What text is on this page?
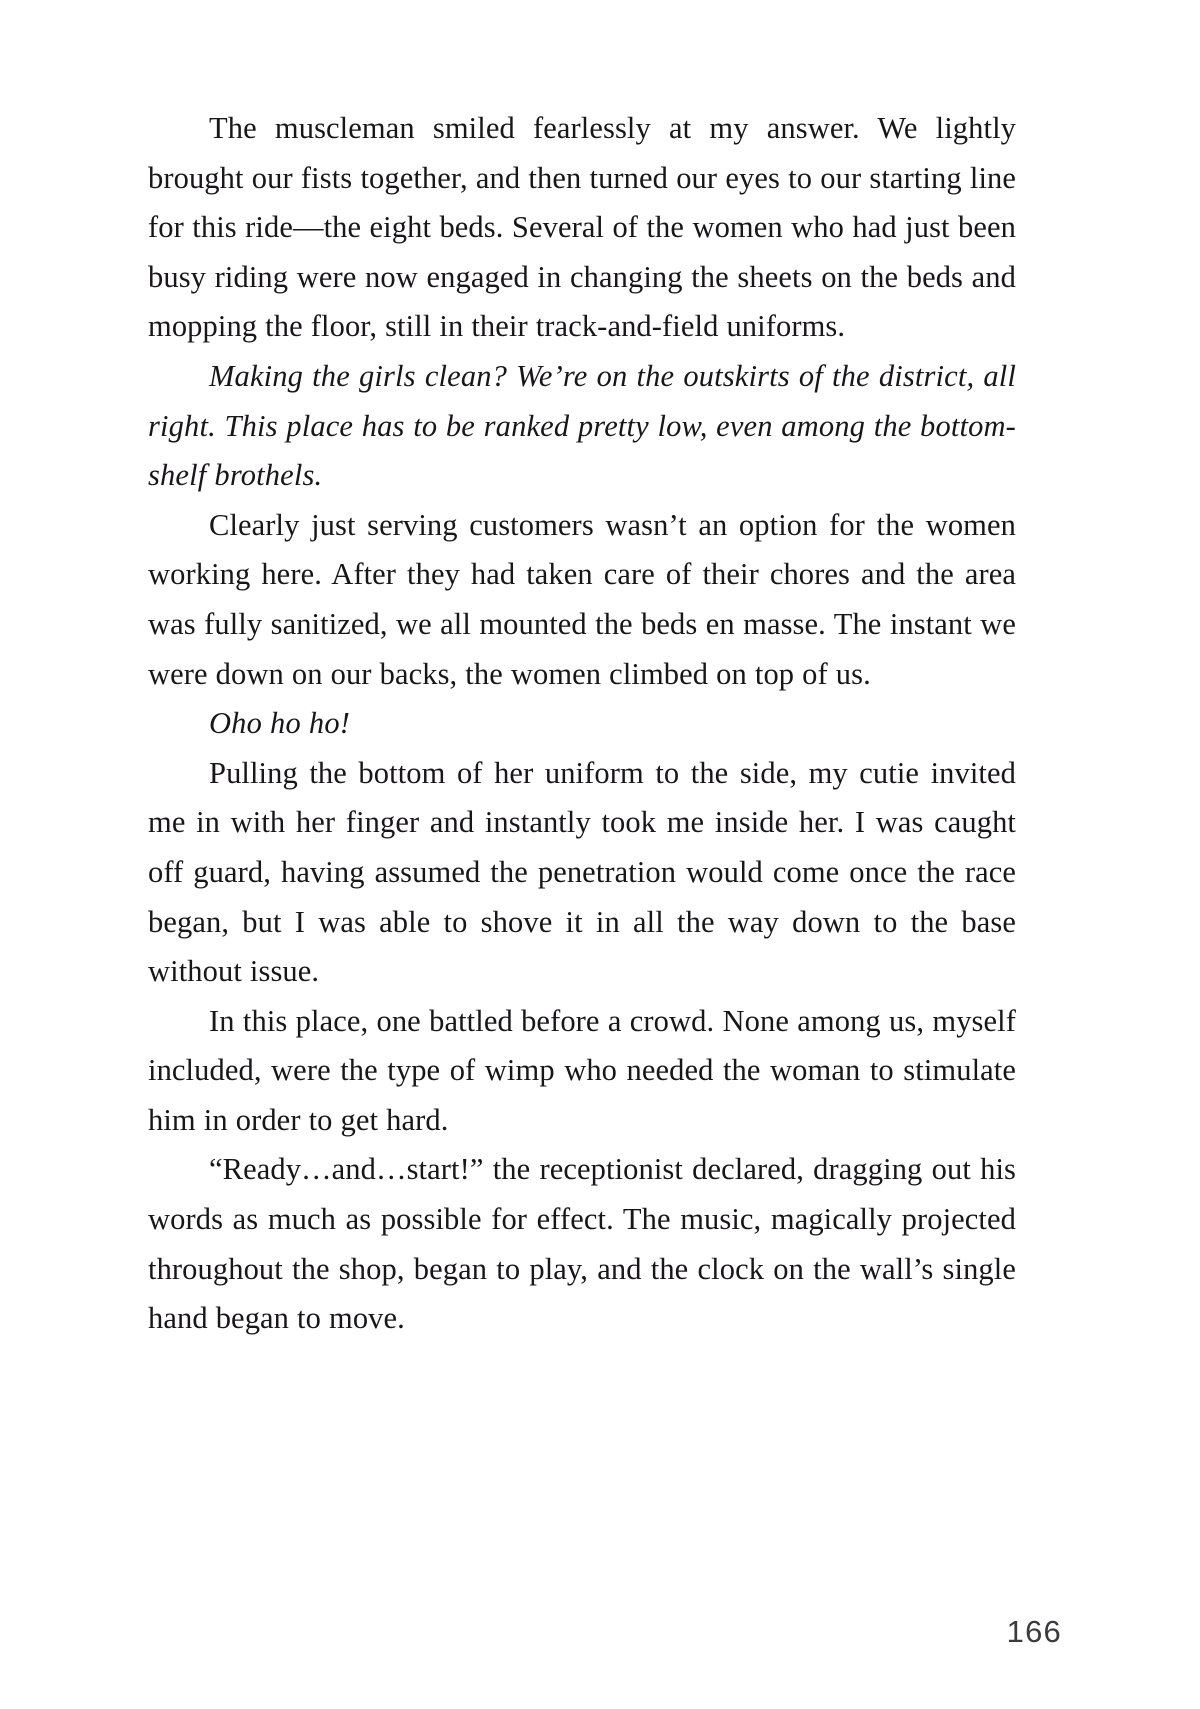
The muscleman smiled fearlessly at my answer. We lightly brought our fists together, and then turned our eyes to our starting line for this ride—the eight beds. Several of the women who had just been busy riding were now engaged in changing the sheets on the beds and mopping the floor, still in their track-and-field uniforms.

Making the girls clean? We’re on the outskirts of the district, all right. This place has to be ranked pretty low, even among the bottom-shelf brothels.

Clearly just serving customers wasn’t an option for the women working here. After they had taken care of their chores and the area was fully sanitized, we all mounted the beds en masse. The instant we were down on our backs, the women climbed on top of us.

Oho ho ho!

Pulling the bottom of her uniform to the side, my cutie invited me in with her finger and instantly took me inside her. I was caught off guard, having assumed the penetration would come once the race began, but I was able to shove it in all the way down to the base without issue.

In this place, one battled before a crowd. None among us, myself included, were the type of wimp who needed the woman to stimulate him in order to get hard.

“Ready…and…start!” the receptionist declared, dragging out his words as much as possible for effect. The music, magically projected throughout the shop, began to play, and the clock on the wall’s single hand began to move.

166
